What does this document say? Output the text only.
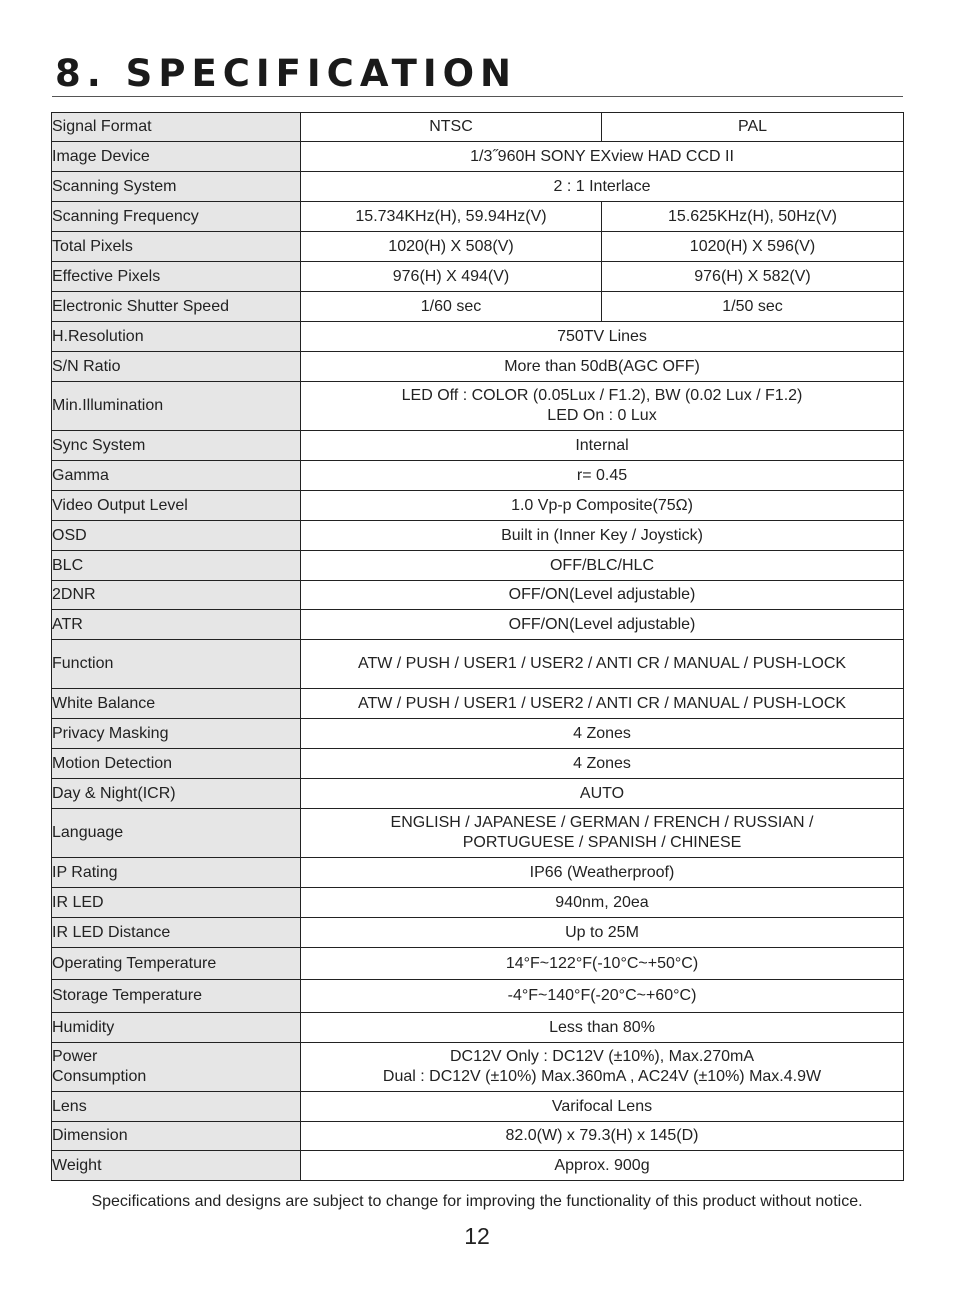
8. SPECIFICATION
Signal Format	NTSC	PAL
Image Device	1/3˝960H SONY EXview HAD CCD II	
Scanning System	2 : 1 Interlace	
Scanning Frequency	15.734KHz(H), 59.94Hz(V)	15.625KHz(H), 50Hz(V)
Total Pixels	1020(H) X 508(V)	1020(H) X 596(V)
Effective Pixels	976(H) X 494(V)	976(H) X 582(V)
Electronic Shutter Speed	1/60 sec	1/50 sec
H.Resolution	750TV Lines	
S/N Ratio	More than 50dB(AGC OFF)	
Min.Illumination	LED Off : COLOR (0.05Lux / F1.2), BW (0.02 Lux / F1.2)
LED On : 0 Lux	
Sync System	Internal	
Gamma	r= 0.45	
Video Output Level	1.0 Vp-p Composite(75Ω)	
OSD	Built in (Inner Key / Joystick)	
BLC	OFF/BLC/HLC	
2DNR	OFF/ON(Level adjustable)	
ATR	OFF/ON(Level adjustable)	
Function	ATW / PUSH / USER1 / USER2 / ANTI CR / MANUAL / PUSH-LOCK	
White Balance	ATW / PUSH / USER1 / USER2 / ANTI CR / MANUAL / PUSH-LOCK	
Privacy Masking	4 Zones	
Motion Detection	4 Zones	
Day & Night(ICR)	AUTO	
Language	ENGLISH / JAPANESE / GERMAN / FRENCH / RUSSIAN /
PORTUGUESE / SPANISH / CHINESE	
IP Rating	IP66 (Weatherproof)	
IR LED	940nm, 20ea	
IR LED Distance	Up to 25M	
Operating Temperature	14°F~122°F(-10°C~+50°C)	
Storage Temperature	-4°F~140°F(-20°C~+60°C)	
Humidity	Less than 80%	
Power
Consumption	DC12V Only : DC12V (±10%), Max.270mA
Dual : DC12V (±10%) Max.360mA , AC24V (±10%) Max.4.9W	
Lens	Varifocal Lens	
Dimension	82.0(W) x 79.3(H) x 145(D)	
Weight	Approx. 900g	
Specifications and designs are subject to change for improving the functionality of this product without notice.
12
